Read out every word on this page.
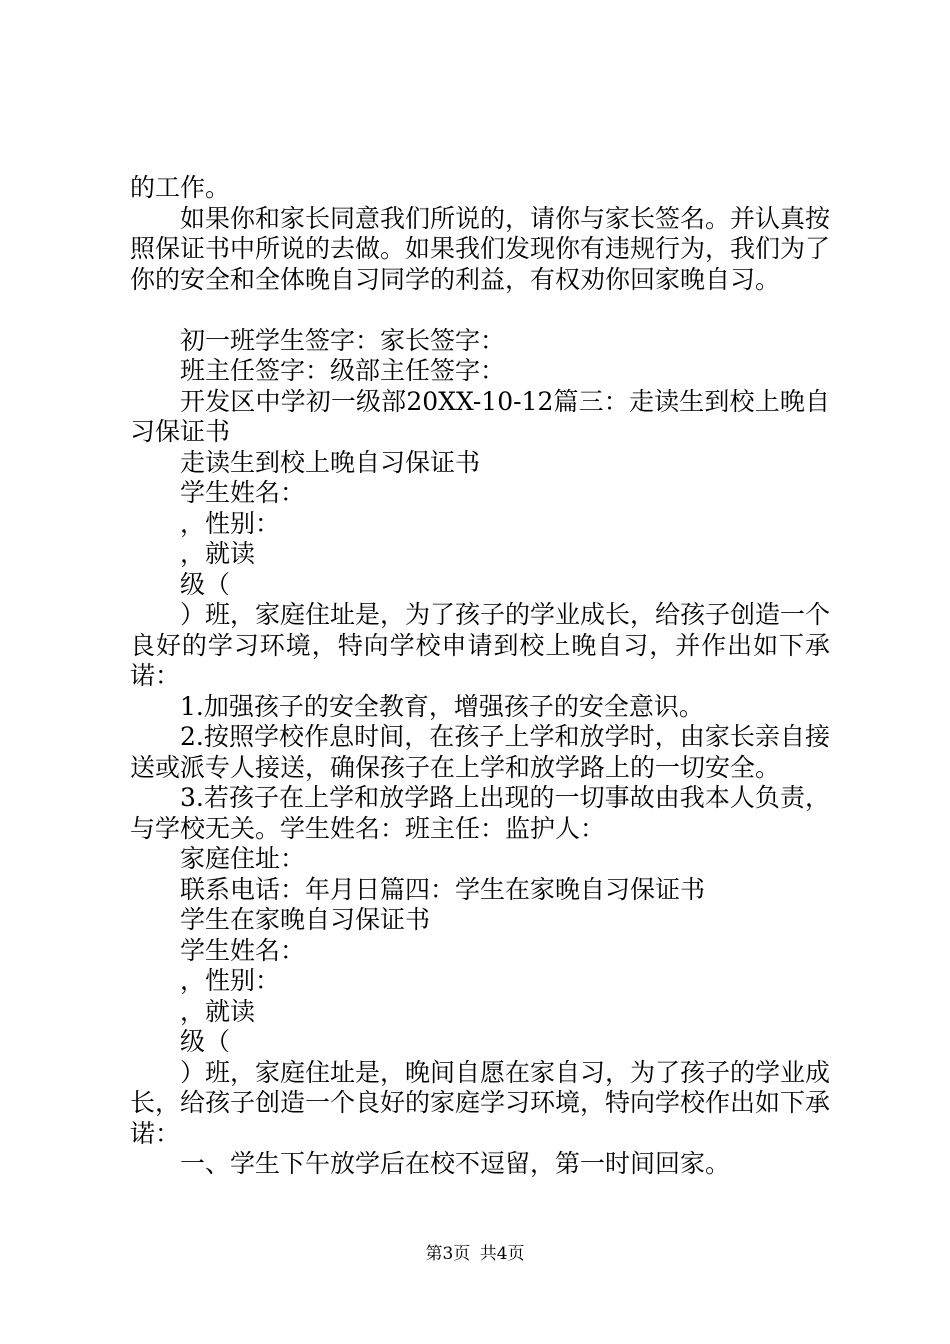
的工作。

如果你和家长同意我们所说的，请你与家长签名。并认真按照保证书中所说的去做。如果我们发现你有违规行为，我们为了你的安全和全体晚自习同学的利益，有权劝你回家晚自习。

初一班学生签字：家长签字：

班主任签字：级部主任签字：

开发区中学初一级部20XX-10-12篇三：走读生到校上晚自习保证书

走读生到校上晚自习保证书

学生姓名：

，性别：

，就读

级（

）班，家庭住址是，为了孩子的学业成长，给孩子创造一个良好的学习环境，特向学校申请到校上晚自习，并作出如下承诺：

1.加强孩子的安全教育，增强孩子的安全意识。

2.按照学校作息时间，在孩子上学和放学时，由家长亲自接送或派专人接送，确保孩子在上学和放学路上的一切安全。

3.若孩子在上学和放学路上出现的一切事故由我本人负责，与学校无关。学生姓名：班主任：监护人：

家庭住址：

联系电话：年月日篇四：学生在家晚自习保证书

学生在家晚自习保证书

学生姓名：

，性别：

，就读

级（

）班，家庭住址是，晚间自愿在家自习，为了孩子的学业成长，给孩子创造一个良好的家庭学习环境，特向学校作出如下承诺：

一、学生下午放学后在校不逗留，第一时间回家。

第3页 共4页
